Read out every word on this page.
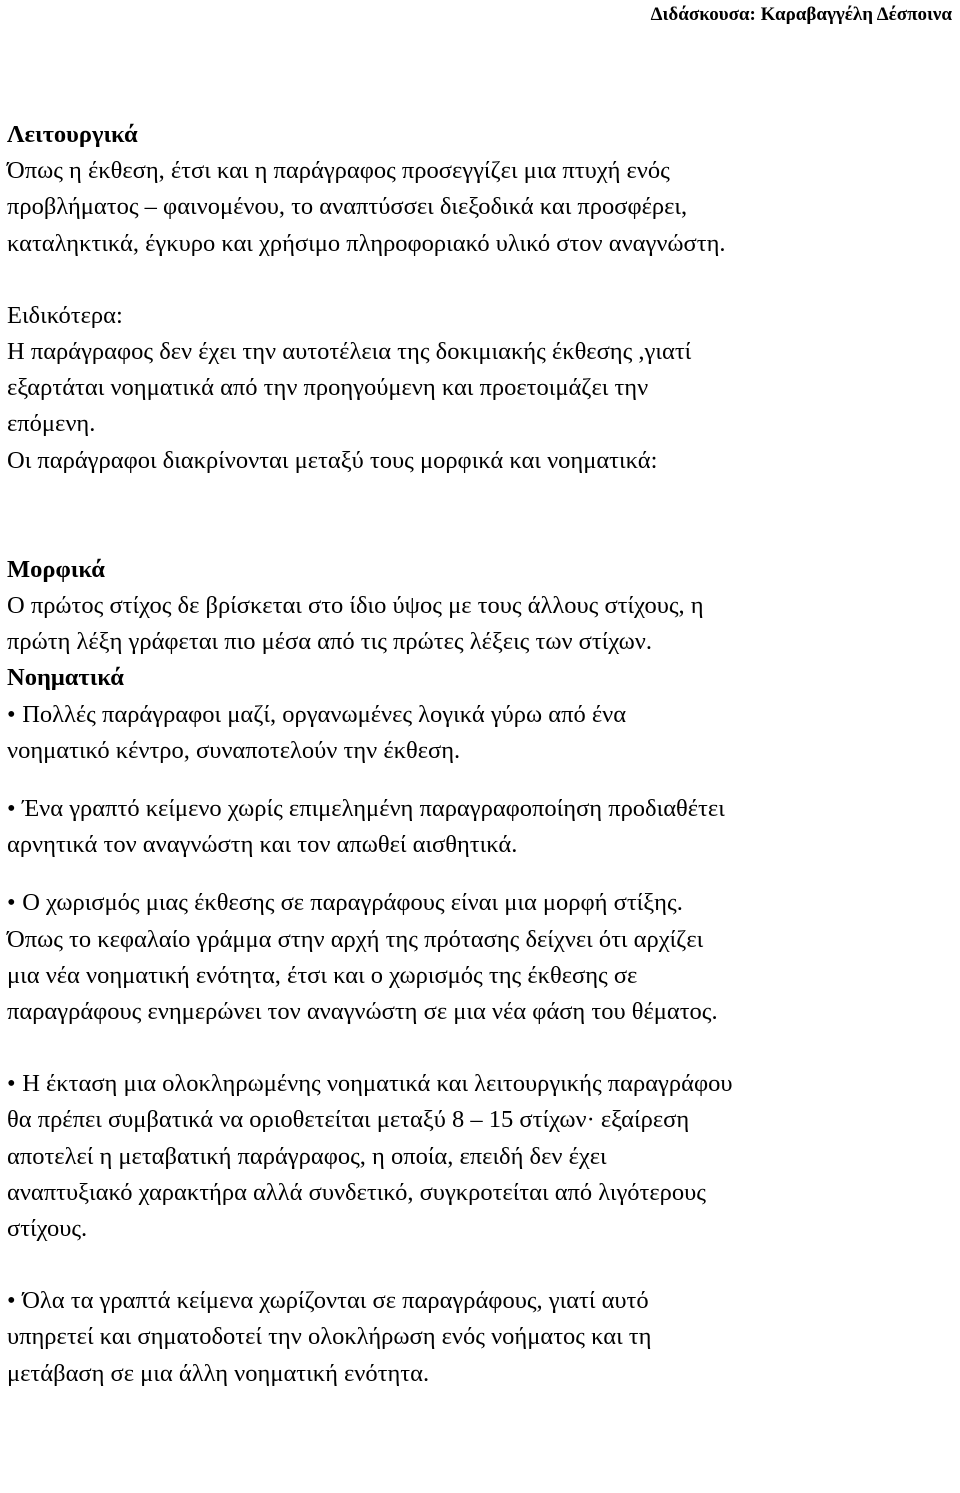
Διδάσκουσα: Καραβαγγέλη Δέσποινα
Λειτουργικά
Όπως η έκθεση, έτσι και η παράγραφος προσεγγίζει μια πτυχή ενός
προβλήματος – φαινομένου, το αναπτύσσει διεξοδικά και προσφέρει,
καταληκτικά, έγκυρο και χρήσιμο πληροφοριακό υλικό στον αναγνώστη.
Ειδικότερα:
Η παράγραφος δεν έχει την αυτοτέλεια της δοκιμιακής έκθεσης ,γιατί
εξαρτάται νοηματικά από την προηγούμενη και προετοιμάζει την
επόμενη.
Οι παράγραφοι διακρίνονται μεταξύ τους μορφικά και νοηματικά:
Μορφικά
Ο πρώτος στίχος δε βρίσκεται στο ίδιο ύψος με τους άλλους στίχους, η
πρώτη λέξη γράφεται πιο μέσα από τις πρώτες λέξεις των στίχων.
Νοηματικά
• Πολλές παράγραφοι μαζί, οργανωμένες λογικά γύρω από ένα
νοηματικό κέντρο, συναποτελούν την έκθεση.
• Ένα γραπτό κείμενο χωρίς επιμελημένη παραγραφοποίηση προδιαθέτει
αρνητικά τον αναγνώστη και τον απωθεί αισθητικά.
• Ο χωρισμός μιας έκθεσης σε παραγράφους είναι μια μορφή στίξης.
Όπως το κεφαλαίο γράμμα στην αρχή της πρότασης δείχνει ότι αρχίζει
μια νέα νοηματική ενότητα, έτσι και ο χωρισμός της έκθεσης σε
παραγράφους ενημερώνει τον αναγνώστη σε μια νέα φάση του θέματος.
• Η έκταση μια ολοκληρωμένης νοηματικά και λειτουργικής παραγράφου
θα πρέπει συμβατικά να οριοθετείται μεταξύ 8 – 15 στίχων· εξαίρεση
αποτελεί η μεταβατική παράγραφος, η οποία, επειδή δεν έχει
αναπτυξιακό χαρακτήρα αλλά συνδετικό, συγκροτείται από λιγότερους
στίχους.
• Όλα τα γραπτά κείμενα χωρίζονται σε παραγράφους, γιατί αυτό
υπηρετεί και σηματοδοτεί την ολοκλήρωση ενός νοήματος και τη
μετάβαση σε μια άλλη νοηματική ενότητα.
